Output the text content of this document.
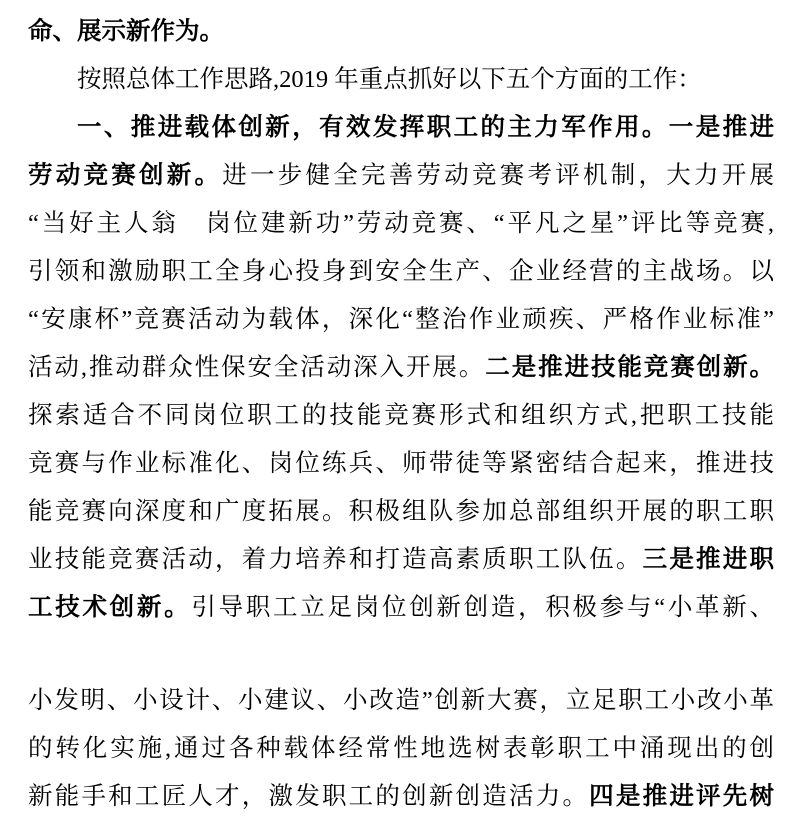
命、展示新作为。
按照总体工作思路,2019 年重点抓好以下五个方面的工作：
一、推进载体创新，有效发挥职工的主力军作用。一是推进
劳动竞赛创新。进一步健全完善劳动竞赛考评机制，大力开展
“当好主人翁　岗位建新功”劳动竞赛、“平凡之星”评比等竞赛,
引领和激励职工全身心投身到安全生产、企业经营的主战场。以
“安康杯”竞赛活动为载体，深化“整治作业顽疾、严格作业标准”
活动,推动群众性保安全活动深入开展。二是推进技能竞赛创新。
探索适合不同岗位职工的技能竞赛形式和组织方式,把职工技能
竞赛与作业标准化、岗位练兵、师带徒等紧密结合起来，推进技
能竞赛向深度和广度拓展。积极组队参加总部组织开展的职工职
业技能竞赛活动，着力培养和打造高素质职工队伍。三是推进职
工技术创新。引导职工立足岗位创新创造，积极参与“小革新、
小发明、小设计、小建议、小改造”创新大赛，立足职工小改小革
的转化实施,通过各种载体经常性地选树表彰职工中涌现出的创
新能手和工匠人才，激发职工的创新创造活力。四是推进评先树
